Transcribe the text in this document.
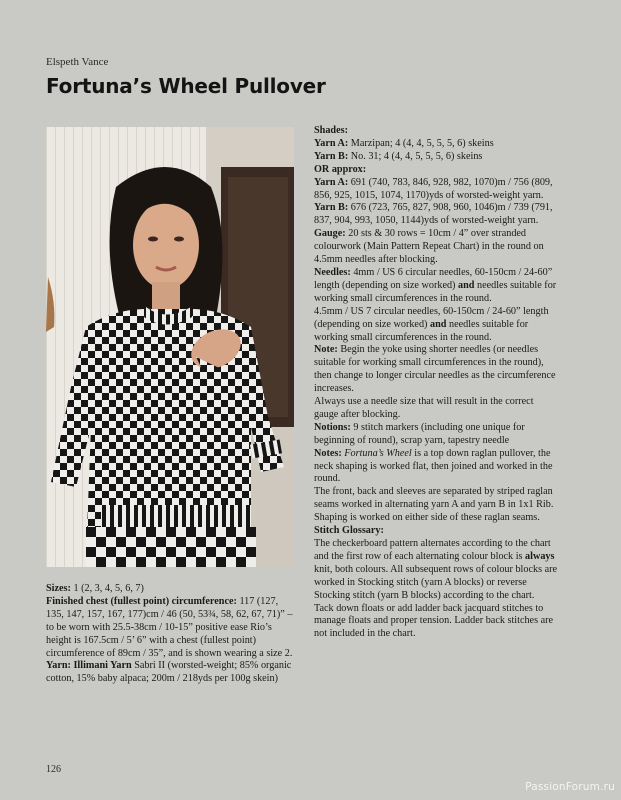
Elspeth Vance
Fortuna’s Wheel Pullover

Sizes: 1 (2, 3, 4, 5, 6, 7)

Finished chest (fullest point) circumference: 117 (127, 135, 147, 157, 167, 177)cm / 46 (50, 53¾, 58, 62, 67, 71)” – to be worn with 25.5-38cm / 10-15” positive ease Rio’s height is 167.5cm / 5’ 6” with a chest (fullest point) circumference of 89cm / 35”, and is shown wearing a size 2.

Yarn: Illimani Yarn Sabri II (worsted-weight; 85% organic cotton, 15% baby alpaca; 200m / 218yds per 100g skein)

Shades:

Yarn A: Marzipan; 4 (4, 4, 5, 5, 5, 6) skeins

Yarn B: No. 31; 4 (4, 4, 5, 5, 5, 6) skeins

OR approx:

Yarn A: 691 (740, 783, 846, 928, 982, 1070)m / 756 (809, 856, 925, 1015, 1074, 1170)yds of worsted-weight yarn.

Yarn B: 676 (723, 765, 827, 908, 960, 1046)m / 739 (791, 837, 904, 993, 1050, 1144)yds of worsted-weight yarn.

Gauge: 20 sts & 30 rows = 10cm / 4” over stranded colourwork (Main Pattern Repeat Chart) in the round on 4.5mm needles after blocking.

Needles: 4mm / US 6 circular needles, 60-150cm / 24-60” length (depending on size worked) and needles suitable for working small circumferences in the round.

4.5mm / US 7 circular needles, 60-150cm / 24-60” length (depending on size worked) and needles suitable for working small circumferences in the round.

Note: Begin the yoke using shorter needles (or needles suitable for working small circumferences in the round), then change to longer circular needles as the circumference increases.

Always use a needle size that will result in the correct gauge after blocking.

Notions: 9 stitch markers (including one unique for beginning of round), scrap yarn, tapestry needle

Notes: Fortuna’s Wheel is a top down raglan pullover, the neck shaping is worked flat, then joined and worked in the round.

The front, back and sleeves are separated by striped raglan seams worked in alternating yarn A and yarn B in 1x1 Rib. Shaping is worked on either side of these raglan seams.

Stitch Glossary:

The checkerboard pattern alternates according to the chart and the first row of each alternating colour block is always knit, both colours. All subsequent rows of colour blocks are worked in Stocking stitch (yarn A blocks) or reverse Stocking stitch (yarn B blocks) according to the chart.

Tack down floats or add ladder back jacquard stitches to manage floats and proper tension. Ladder back stitches are not included in the chart.

126
PassionForum.ru
